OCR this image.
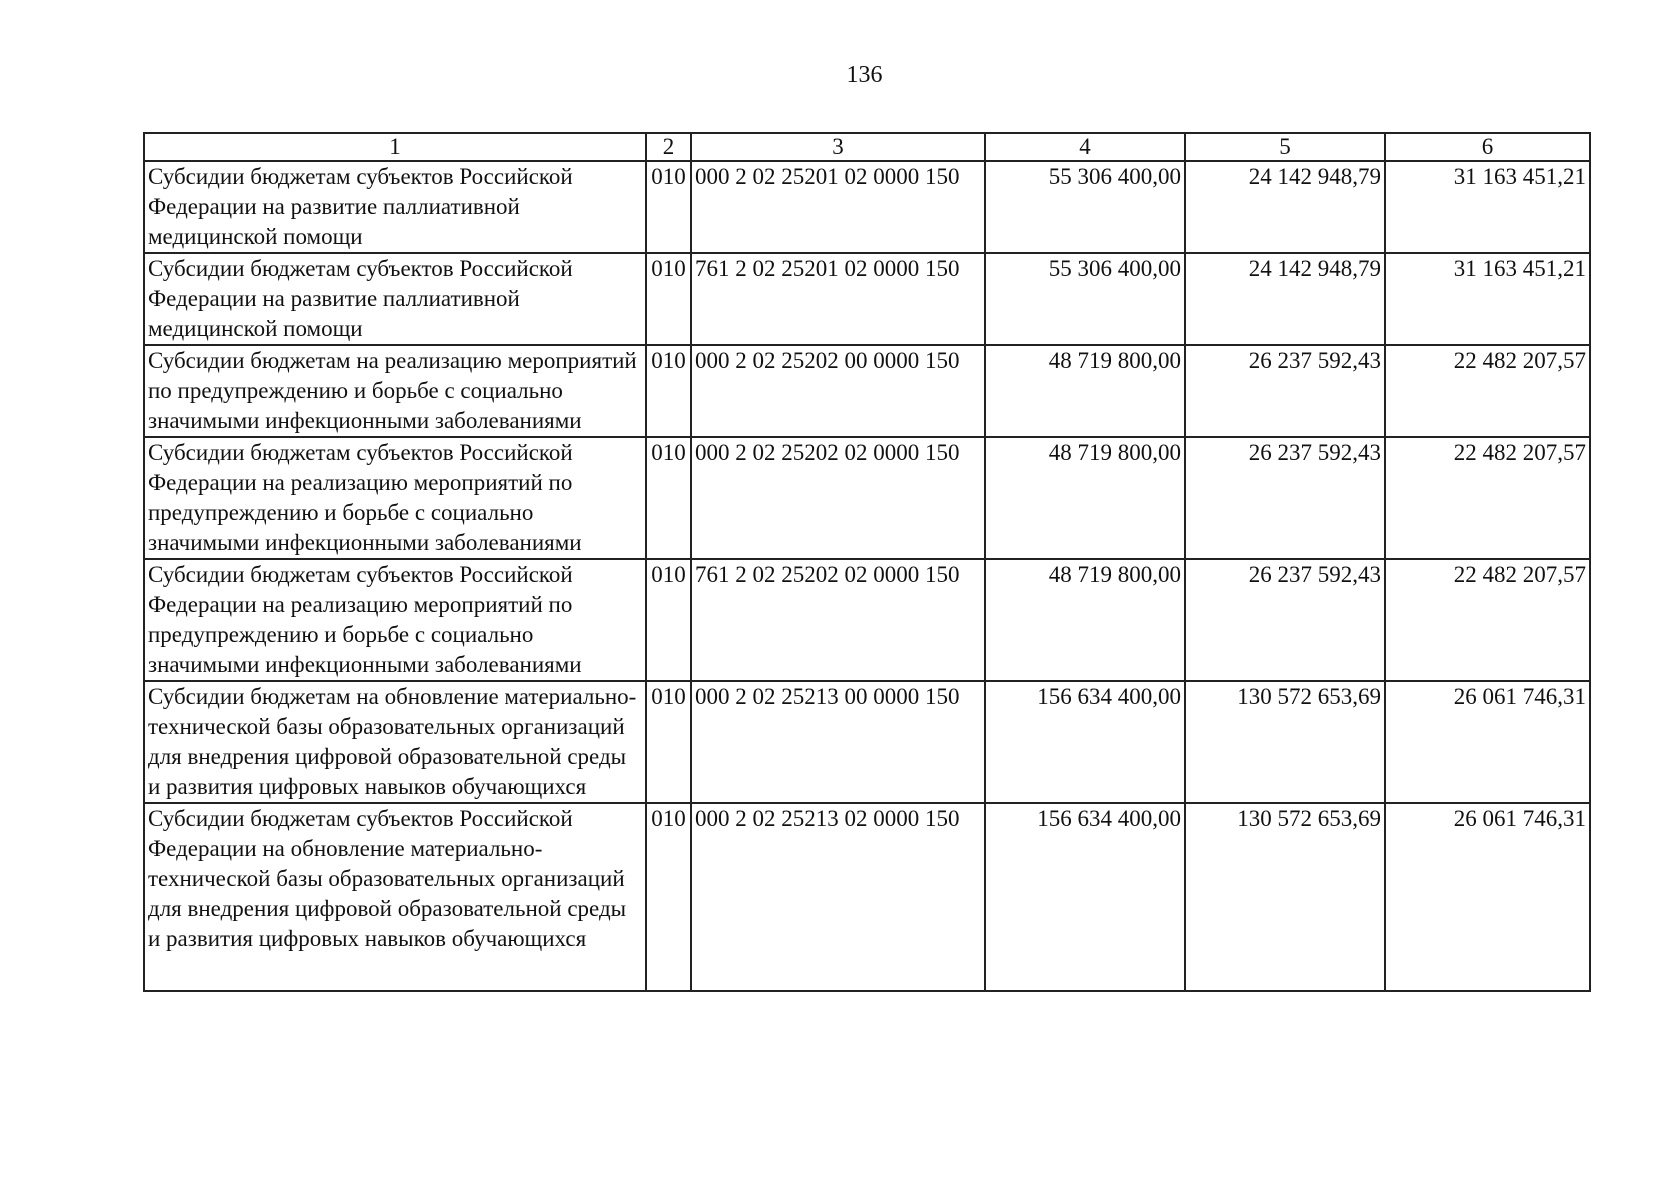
136
1	2	3	4	5	6
Субсидии бюджетам субъектов Российской Федерации на развитие паллиативной медицинской помощи	010	000 2 02 25201 02 0000 150	55 306 400,00	24 142 948,79	31 163 451,21
Субсидии бюджетам субъектов Российской Федерации на развитие паллиативной медицинской помощи	010	761 2 02 25201 02 0000 150	55 306 400,00	24 142 948,79	31 163 451,21
Субсидии бюджетам на реализацию мероприятий по предупреждению и борьбе с социально значимыми инфекционными заболеваниями	010	000 2 02 25202 00 0000 150	48 719 800,00	26 237 592,43	22 482 207,57
Субсидии бюджетам субъектов Российской Федерации на реализацию мероприятий по предупреждению и борьбе с социально значимыми инфекционными заболеваниями	010	000 2 02 25202 02 0000 150	48 719 800,00	26 237 592,43	22 482 207,57
Субсидии бюджетам субъектов Российской Федерации на реализацию мероприятий по предупреждению и борьбе с социально значимыми инфекционными заболеваниями	010	761 2 02 25202 02 0000 150	48 719 800,00	26 237 592,43	22 482 207,57
Субсидии бюджетам на обновление материально-технической базы образовательных организаций для внедрения цифровой образовательной среды и развития цифровых навыков обучающихся	010	000 2 02 25213 00 0000 150	156 634 400,00	130 572 653,69	26 061 746,31
Субсидии бюджетам субъектов Российской Федерации на обновление материально-технической базы образовательных организаций для внедрения цифровой образовательной среды и развития цифровых навыков обучающихся	010	000 2 02 25213 02 0000 150	156 634 400,00	130 572 653,69	26 061 746,31
